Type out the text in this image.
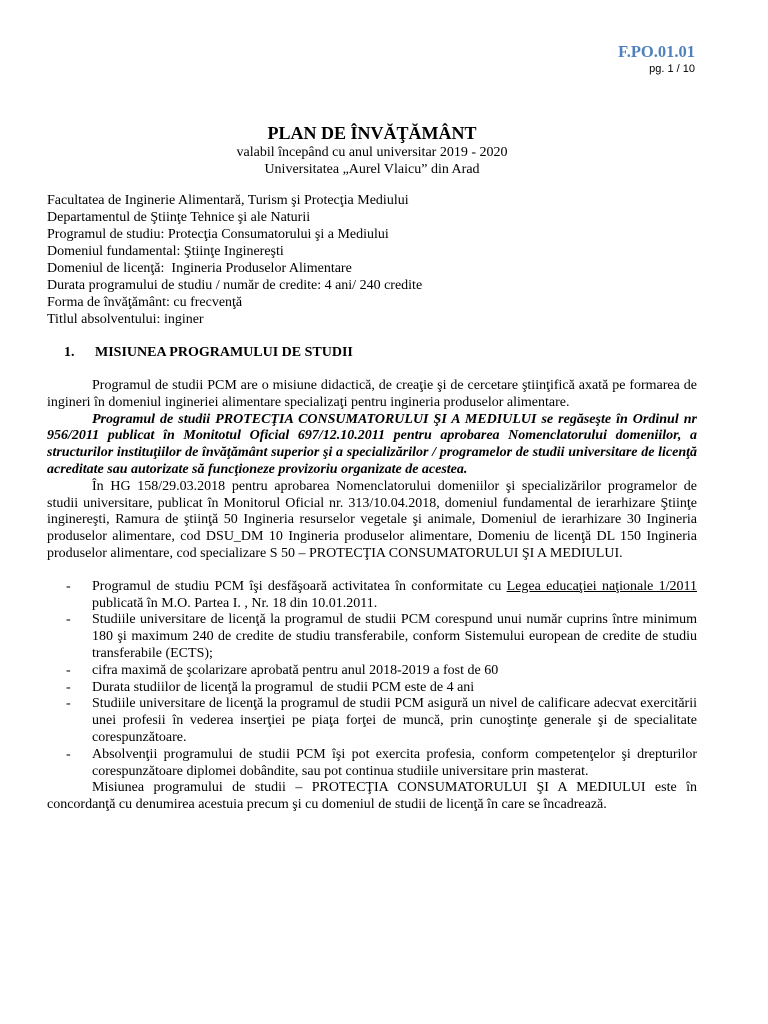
F.PO.01.01
pg. 1 / 10
PLAN DE ÎNVĂŢĂMÂNT
valabil începând cu anul universitar 2019 - 2020
Universitatea „Aurel Vlaicu” din Arad
Facultatea de Inginerie Alimentară, Turism şi Protecţia Mediului
Departamentul de Ştiinţe Tehnice şi ale Naturii
Programul de studiu: Protecţia Consumatorului şi a Mediului
Domeniul fundamental: Ştiinţe Inginereşti
Domeniul de licenţă:  Ingineria Produselor Alimentare
Durata programului de studiu / număr de credite: 4 ani/ 240 credite
Forma de învăţământ: cu frecvenţă
Titlul absolventului: inginer
1.	MISIUNEA PROGRAMULUI DE STUDII
Programul de studii PCM are o misiune didactică, de creaţie şi de cercetare ştiinţifică axată pe formarea de ingineri în domeniul ingineriei alimentare specializaţi pentru ingineria produselor alimentare.
Programul de studii PROTECŢIA CONSUMATORULUI ŞI A MEDIULUI se regăseşte în Ordinul nr 956/2011 publicat în Monitotul Oficial 697/12.10.2011 pentru aprobarea Nomenclatorului domeniilor, a structurilor instituţiilor de învăţământ superior şi a specializărilor / programelor de studii universitare de licenţă acreditate sau autorizate să funcţioneze provizoriu organizate de acestea.
În HG 158/29.03.2018 pentru aprobarea Nomenclatorului domeniilor şi specializărilor programelor de studii universitare, publicat în Monitorul Oficial nr. 313/10.04.2018, domeniul fundamental de ierarhizare Ştiinţe inginereşti, Ramura de ştiinţă 50 Ingineria resurselor vegetale şi animale, Domeniul de ierarhizare 30 Ingineria produselor alimentare, cod DSU_DM 10 Ingineria produselor alimentare, Domeniu de licenţă DL 150 Ingineria produselor alimentare, cod specializare S 50 – PROTECŢIA CONSUMATORULUI ŞI A MEDIULUI.
-	Programul de studiu PCM îşi desfăşoară activitatea în conformitate cu Legea educaţiei naţionale 1/2011 publicată în M.O. Partea I. , Nr. 18 din 10.01.2011.
-	Studiile universitare de licenţă la programul de studii PCM corespund unui număr cuprins între minimum 180 şi maximum 240 de credite de studiu transferabile, conform Sistemului european de credite de studiu transferabile (ECTS);
-	cifra maximă de şcolarizare aprobată pentru anul 2018-2019 a fost de 60
-	Durata studiilor de licenţă la programul  de studii PCM este de 4 ani
-	Studiile universitare de licenţă la programul de studii PCM asigură un nivel de calificare adecvat exercitării unei profesii în vederea inserţiei pe piaţa forţei de muncă, prin cunoştinţe generale şi de specialitate corespunzătoare.
-	Absolvenţii programului de studii PCM îşi pot exercita profesia, conform competenţelor şi drepturilor corespunzătoare diplomei dobândite, sau pot continua studiile universitare prin masterat.
Misiunea programului de studii – PROTECŢIA CONSUMATORULUI ŞI A MEDIULUI este în concordanţă cu denumirea acestuia precum şi cu domeniul de studii de licenţă în care se încadrează.
